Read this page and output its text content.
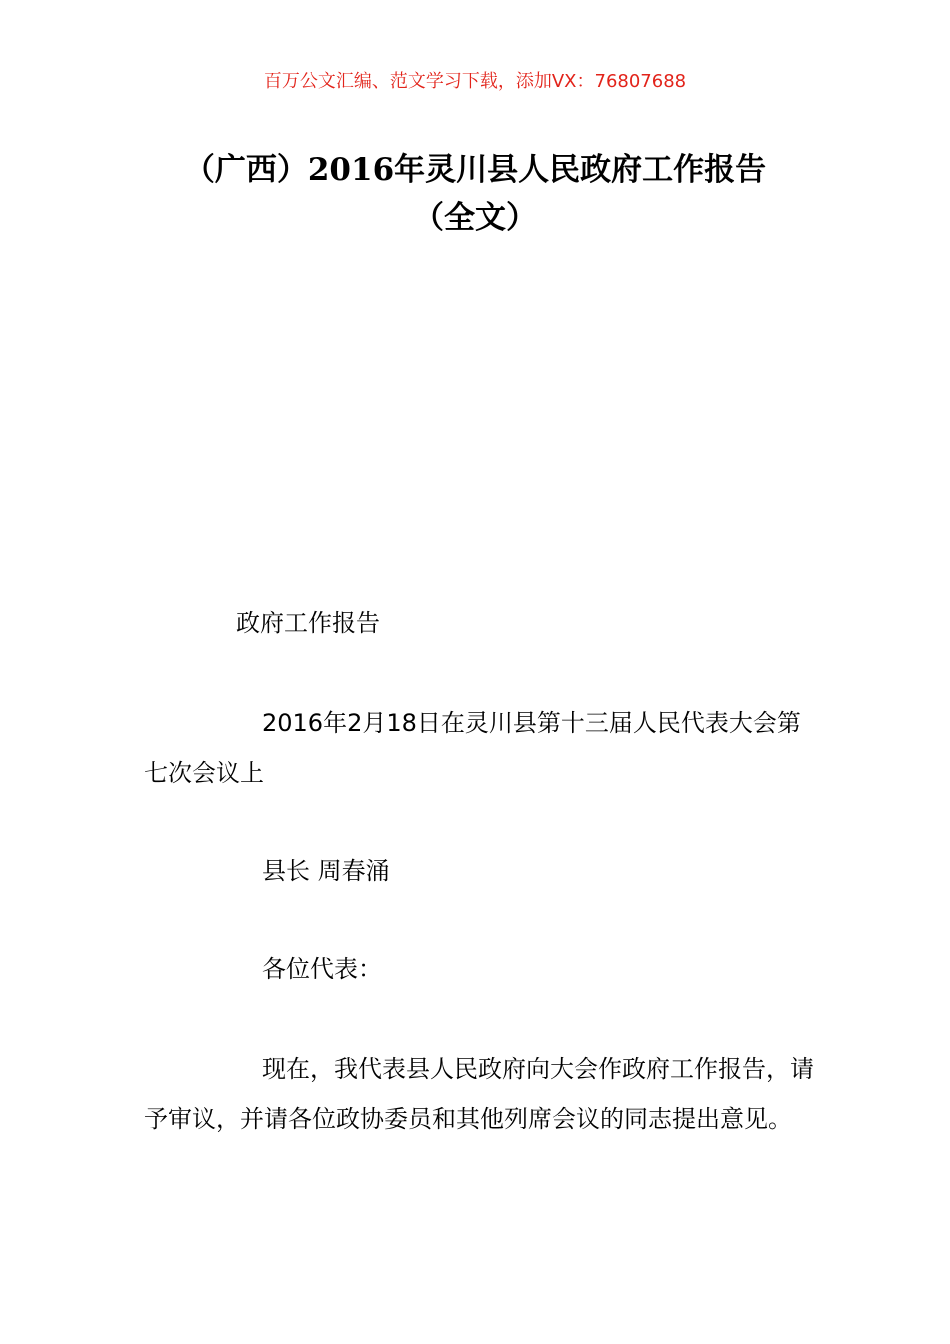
百万公文汇编、范文学习下载，添加VX：76807688
（广西）2016年灵川县人民政府工作报告
（全文）

政府工作报告

2016年2月18日在灵川县第十三届人民代表大会第七次会议上

县长 周春涌

各位代表：

现在，我代表县人民政府向大会作政府工作报告，请予审议，并请各位政协委员和其他列席会议的同志提出意见。
